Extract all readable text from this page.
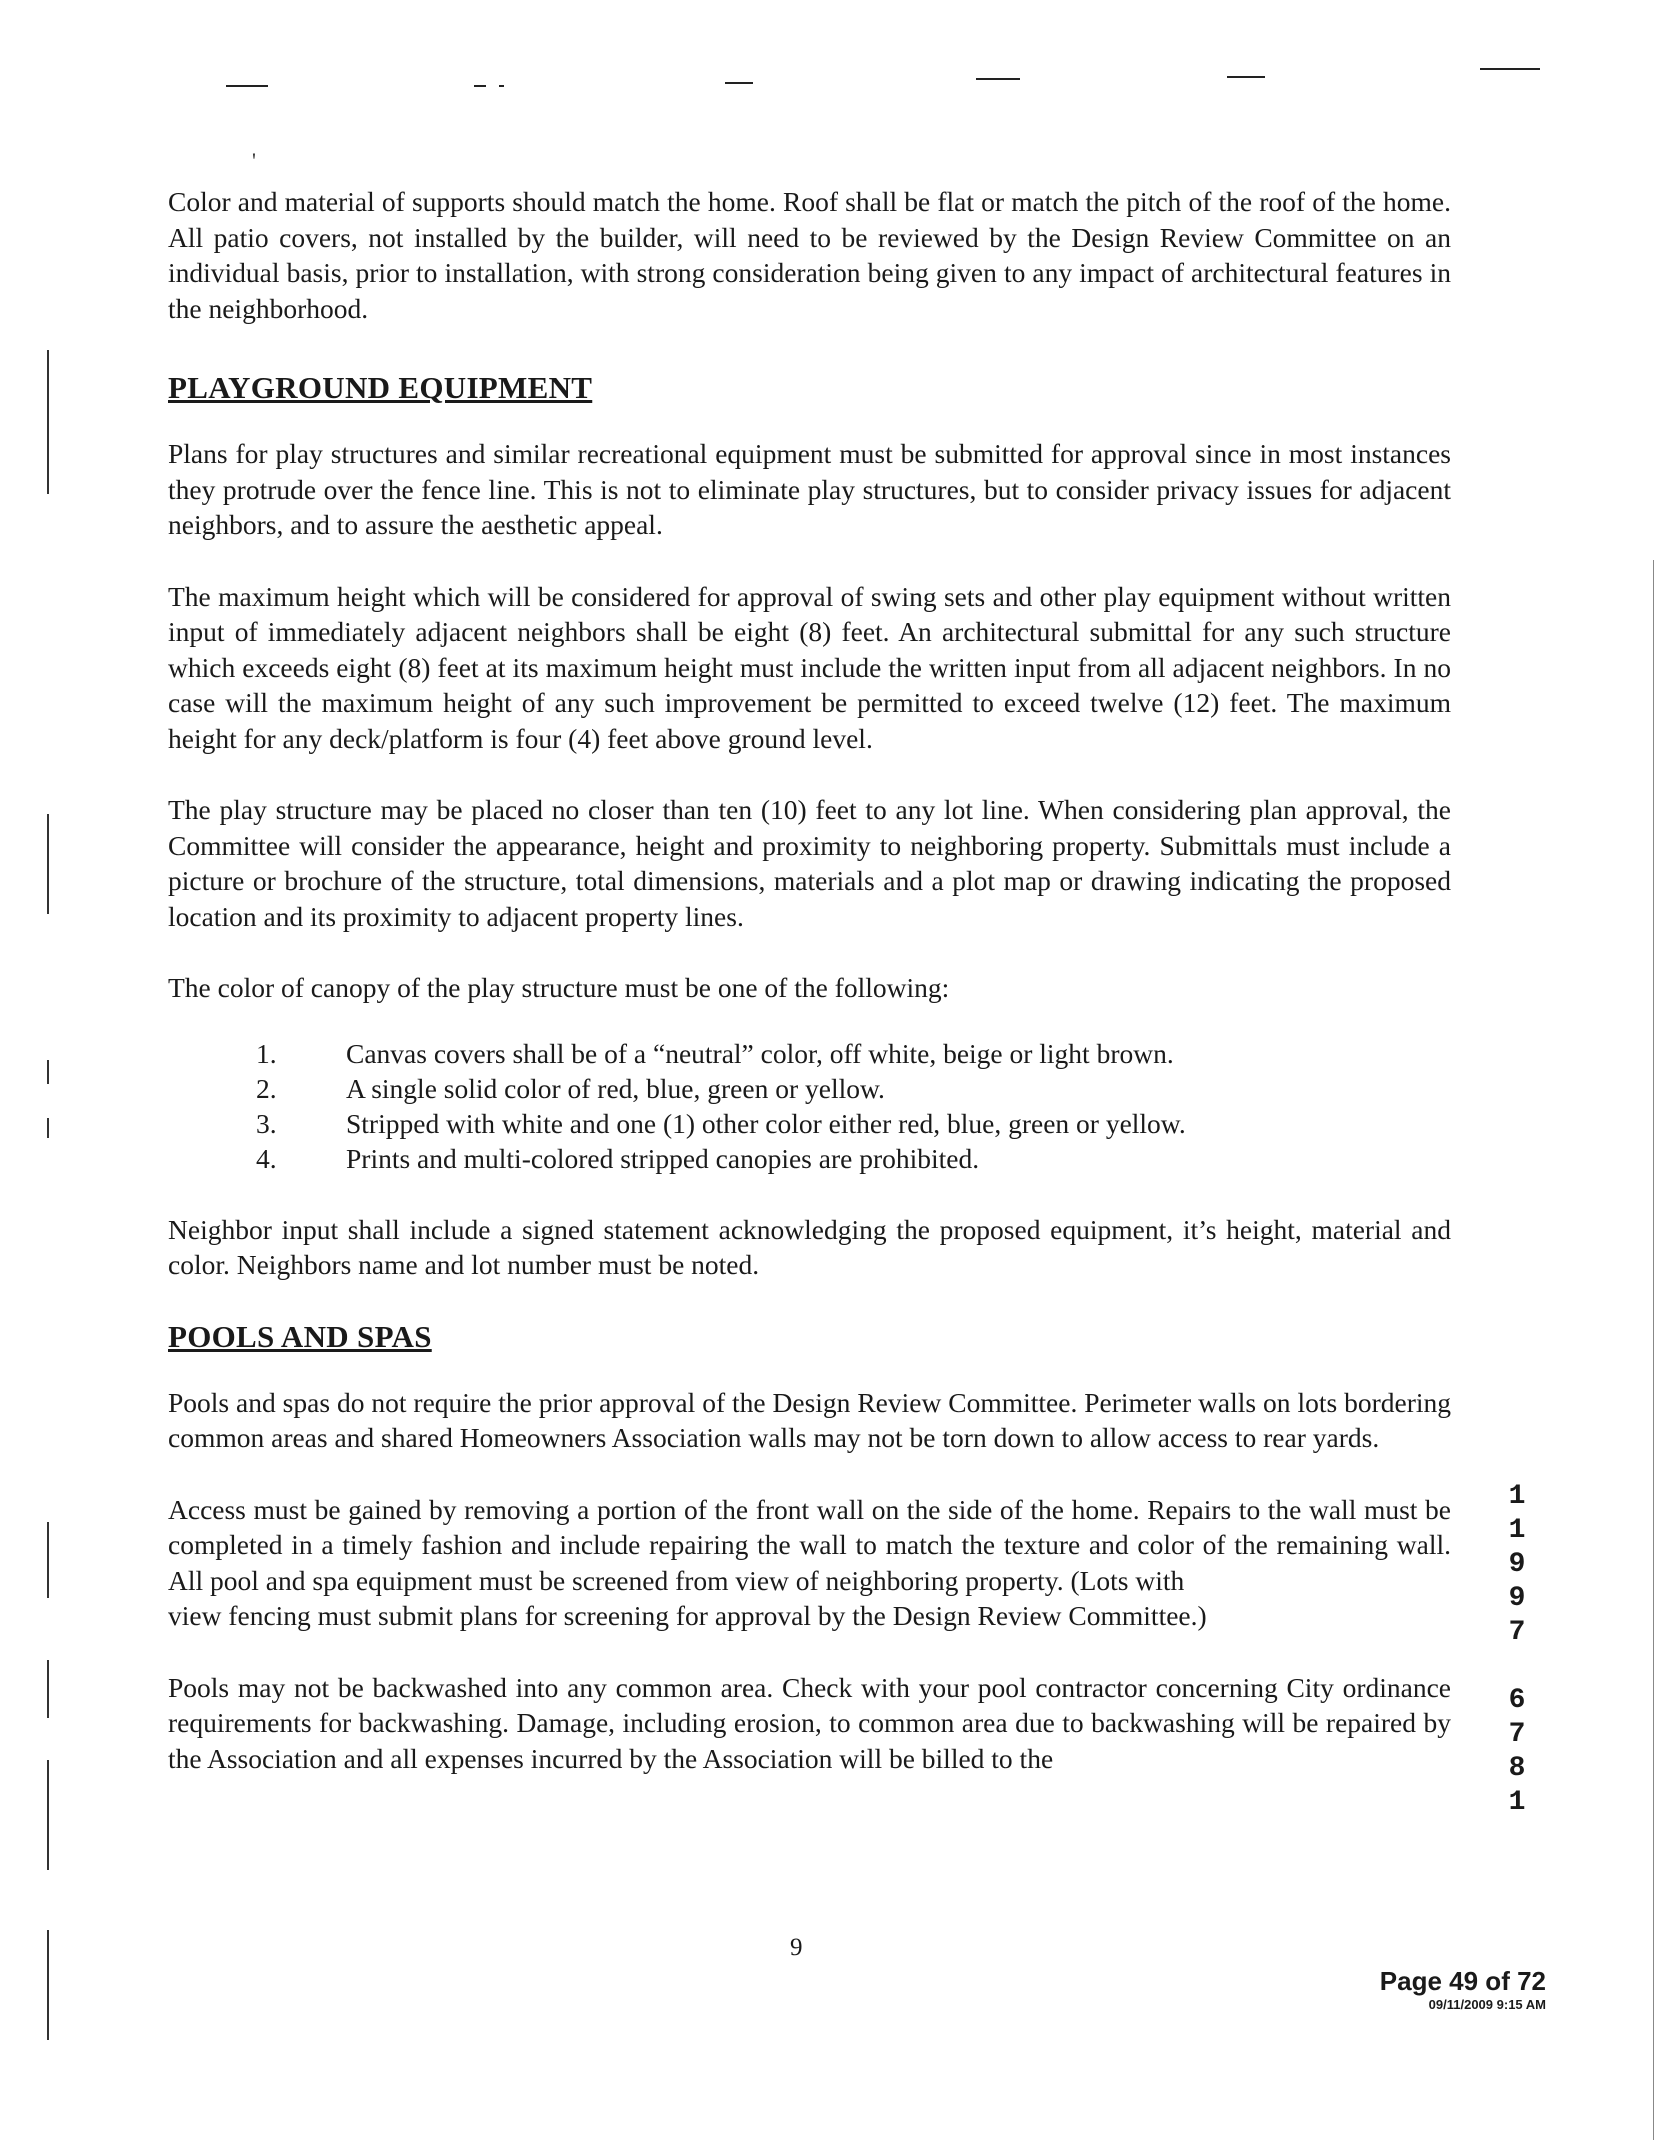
'

Color and material of supports should match the home. Roof shall be flat or match the pitch of the roof of the home. All patio covers, not installed by the builder, will need to be reviewed by the Design Review Committee on an individual basis, prior to installation, with strong consideration being given to any impact of architectural features in the neighborhood.

PLAYGROUND EQUIPMENT

Plans for play structures and similar recreational equipment must be submitted for approval since in most instances they protrude over the fence line. This is not to eliminate play structures, but to consider privacy issues for adjacent neighbors, and to assure the aesthetic appeal.

The maximum height which will be considered for approval of swing sets and other play equipment without written input of immediately adjacent neighbors shall be eight (8) feet. An architectural submittal for any such structure which exceeds eight (8) feet at its maximum height must include the written input from all adjacent neighbors. In no case will the maximum height of any such improvement be permitted to exceed twelve (12) feet. The maximum height for any deck/platform is four (4) feet above ground level.

The play structure may be placed no closer than ten (10) feet to any lot line. When considering plan approval, the Committee will consider the appearance, height and proximity to neighboring property. Submittals must include a picture or brochure of the structure, total dimensions, materials and a plot map or drawing indicating the proposed location and its proximity to adjacent property lines.

The color of canopy of the play structure must be one of the following:

1.	Canvas covers shall be of a “neutral” color, off white, beige or light brown.
2.	A single solid color of red, blue, green or yellow.
3.	Stripped with white and one (1) other color either red, blue, green or yellow.
4.	Prints and multi-colored stripped canopies are prohibited.

Neighbor input shall include a signed statement acknowledging the proposed equipment, it’s height, material and color. Neighbors name and lot number must be noted.

POOLS AND SPAS

Pools and spas do not require the prior approval of the Design Review Committee. Perimeter walls on lots bordering common areas and shared Homeowners Association walls may not be torn down to allow access to rear yards.

Access must be gained by removing a portion of the front wall on the side of the home. Repairs to the wall must be completed in a timely fashion and include repairing the wall to match the texture and color of the remaining wall. All pool and spa equipment must be screened from view of neighboring property. (Lots with

view fencing must submit plans for screening for approval by the Design Review Committee.)

Pools may not be backwashed into any common area. Check with your pool contractor concerning City ordinance requirements for backwashing. Damage, including erosion, to common area due to backwashing will be repaired by the Association and all expenses incurred by the Association will be billed to the

1
1
9
9
7
6
7
8
1
9
Page 49 of 72
09/11/2009 9:15 AM
